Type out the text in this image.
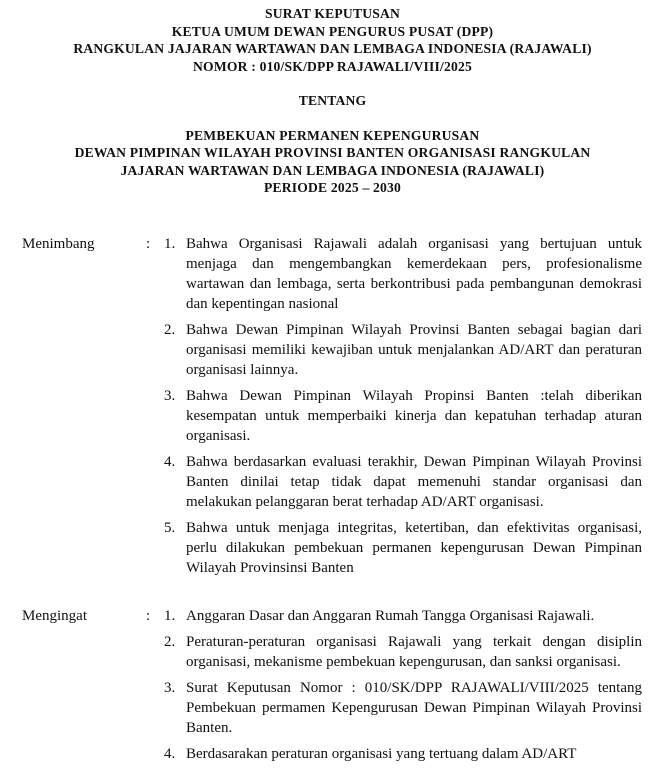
SURAT KEPUTUSAN
KETUA UMUM DEWAN PENGURUS PUSAT (DPP)
RANGKULAN JAJARAN WARTAWAN DAN LEMBAGA INDONESIA (RAJAWALI)
NOMOR : 010/SK/DPP RAJAWALI/VIII/2025
TENTANG
PEMBEKUAN PERMANEN KEPENGURUSAN
DEWAN PIMPINAN WILAYAH PROVINSI BANTEN ORGANISASI RANGKULAN
JAJARAN WARTAWAN DAN LEMBAGA INDONESIA (RAJAWALI)
PERIODE 2025 – 2030
Menimbang	: 1. Bahwa Organisasi Rajawali adalah organisasi yang bertujuan untuk menjaga dan mengembangkan kemerdekaan pers, profesionalisme wartawan dan lembaga, serta berkontribusi pada pembangunan demokrasi dan kepentingan nasional
2. Bahwa Dewan Pimpinan Wilayah Provinsi Banten sebagai bagian dari organisasi memiliki kewajiban untuk menjalankan AD/ART dan peraturan organisasi lainnya.
3. Bahwa Dewan Pimpinan Wilayah Propinsi Banten :telah diberikan kesempatan untuk memperbaiki kinerja dan kepatuhan terhadap aturan organisasi.
4. Bahwa berdasarkan evaluasi terakhir, Dewan Pimpinan Wilayah Provinsi Banten dinilai tetap tidak dapat memenuhi standar organisasi dan melakukan pelanggaran berat terhadap AD/ART organisasi.
5. Bahwa untuk menjaga integritas, ketertiban, dan efektivitas organisasi, perlu dilakukan pembekuan permanen kepengurusan Dewan Pimpinan Wilayah Provinsinsi Banten
Mengingat	: 1. Anggaran Dasar dan Anggaran Rumah Tangga Organisasi Rajawali.
2. Peraturan-peraturan organisasi Rajawali yang terkait dengan disiplin organisasi, mekanisme pembekuan kepengurusan, dan sanksi organisasi.
3. Surat Keputusan Nomor : 010/SK/DPP RAJAWALI/VIII/2025 tentang Pembekuan permamen Kepengurusan Dewan Pimpinan Wilayah Provinsi Banten.
4. Berdasarakan peraturan organisasi yang tertuang dalam AD/ART
